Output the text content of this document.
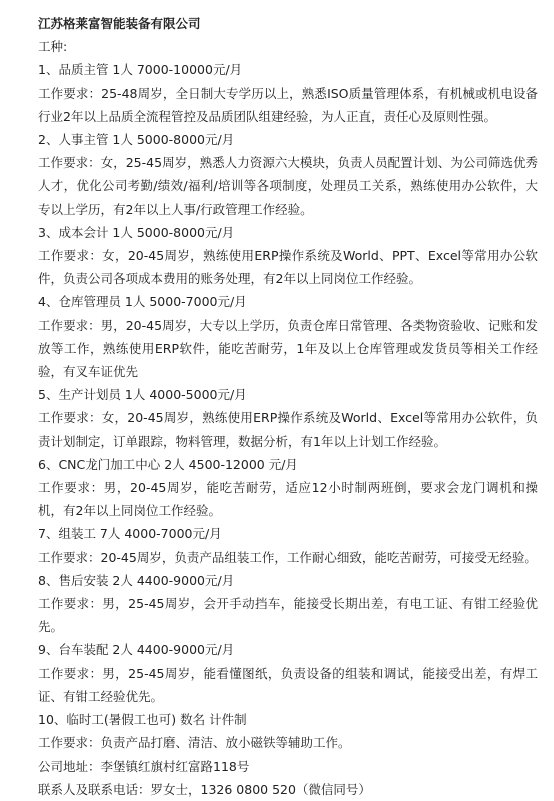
江苏格莱富智能装备有限公司

工种:

1、品质主管 1人 7000-10000元/月

工作要求：25-48周岁，全日制大专学历以上，熟悉ISO质量管理体系，有机械或机电设备行业2年以上品质全流程管控及品质团队组建经验，为人正直，责任心及原则性强。

2、人事主管 1人 5000-8000元/月

工作要求：女，25-45周岁，熟悉人力资源六大模块，负责人员配置计划、为公司筛选优秀人才，优化公司考勤/绩效/福利/培训等各项制度，处理员工关系，熟练使用办公软件，大专以上学历，有2年以上人事/行政管理工作经验。

3、成本会计 1人 5000-8000元/月

工作要求：女，20-45周岁，熟练使用ERP操作系统及World、PPT、Excel等常用办公软件，负责公司各项成本费用的账务处理，有2年以上同岗位工作经验。

4、仓库管理员 1人 5000-7000元/月

工作要求：男，20-45周岁，大专以上学历，负责仓库日常管理、各类物资验收、记账和发放等工作，熟练使用ERP软件，能吃苦耐劳，1年及以上仓库管理或发货员等相关工作经验，有叉车证优先

5、生产计划员 1人 4000-5000元/月

工作要求：女，20-45周岁，熟练使用ERP操作系统及World、Excel等常用办公软件，负责计划制定，订单跟踪，物料管理，数据分析，有1年以上计划工作经验。

6、CNC龙门加工中心 2人 4500-12000 元/月

工作要求：男，20-45周岁，能吃苦耐劳，适应12小时制两班倒，要求会龙门调机和操机，有2年以上同岗位工作经验。

7、组装工 7人 4000-7000元/月

工作要求：20-45周岁，负责产品组装工作，工作耐心细致，能吃苦耐劳，可接受无经验。

8、售后安装 2人 4400-9000元/月

工作要求：男，25-45周岁，会开手动挡车，能接受长期出差，有电工证、有钳工经验优先。

9、台车装配 2人 4400-9000元/月

工作要求：男，25-45周岁，能看懂图纸，负责设备的组装和调试，能接受出差，有焊工证、有钳工经验优先。

10、临时工(暑假工也可) 数名 计件制

工作要求：负责产品打磨、清洁、放小磁铁等辅助工作。

公司地址：李堡镇红旗村红富路118号

联系人及联系电话：罗女士，1326 0800 520（微信同号）
